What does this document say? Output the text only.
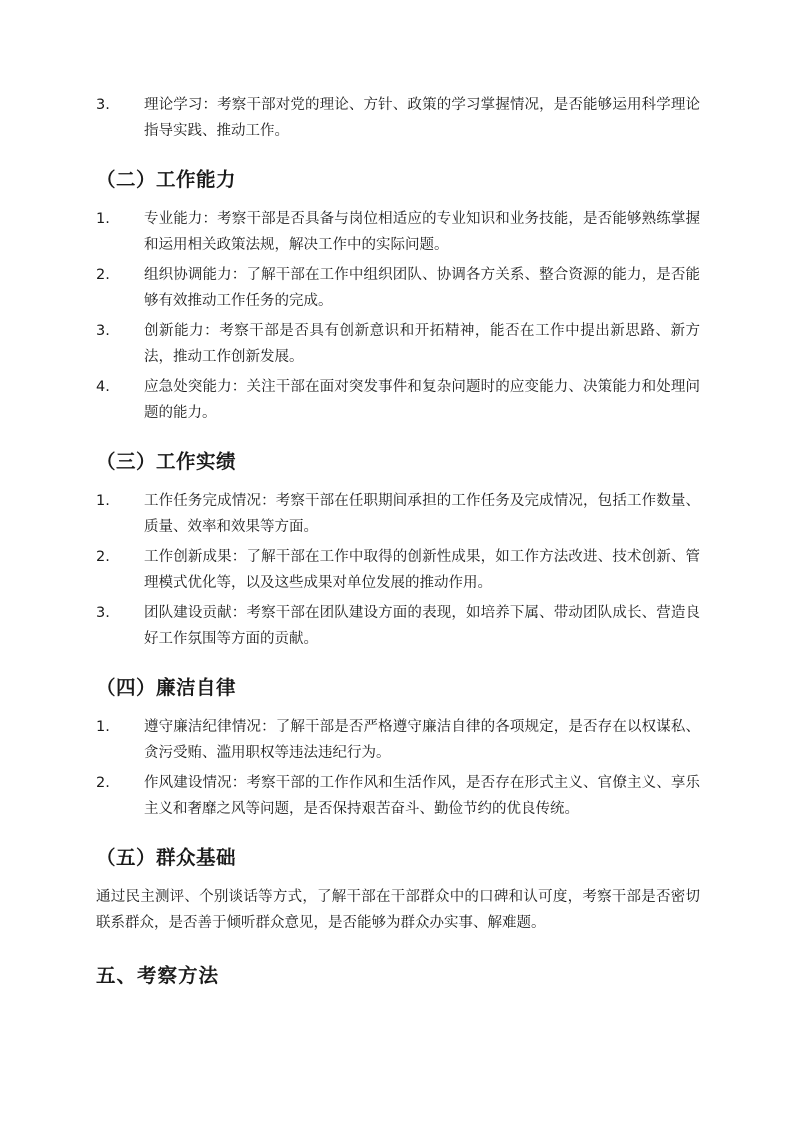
3.	理论学习：考察干部对党的理论、方针、政策的学习掌握情况，是否能够运用科学理论指导实践、推动工作。
（二）工作能力
1.	专业能力：考察干部是否具备与岗位相适应的专业知识和业务技能，是否能够熟练掌握和运用相关政策法规，解决工作中的实际问题。
2.	组织协调能力：了解干部在工作中组织团队、协调各方关系、整合资源的能力，是否能够有效推动工作任务的完成。
3.	创新能力：考察干部是否具有创新意识和开拓精神，能否在工作中提出新思路、新方法，推动工作创新发展。
4.	应急处突能力：关注干部在面对突发事件和复杂问题时的应变能力、决策能力和处理问题的能力。
（三）工作实绩
1.	工作任务完成情况：考察干部在任职期间承担的工作任务及完成情况，包括工作数量、质量、效率和效果等方面。
2.	工作创新成果：了解干部在工作中取得的创新性成果，如工作方法改进、技术创新、管理模式优化等，以及这些成果对单位发展的推动作用。
3.	团队建设贡献：考察干部在团队建设方面的表现，如培养下属、带动团队成长、营造良好工作氛围等方面的贡献。
（四）廉洁自律
1.	遵守廉洁纪律情况：了解干部是否严格遵守廉洁自律的各项规定，是否存在以权谋私、贪污受贿、滥用职权等违法违纪行为。
2.	作风建设情况：考察干部的工作作风和生活作风，是否存在形式主义、官僚主义、享乐主义和奢靡之风等问题，是否保持艰苦奋斗、勤俭节约的优良传统。
（五）群众基础

通过民主测评、个别谈话等方式，了解干部在干部群众中的口碑和认可度，考察干部是否密切联系群众，是否善于倾听群众意见，是否能够为群众办实事、解难题。

五、考察方法
